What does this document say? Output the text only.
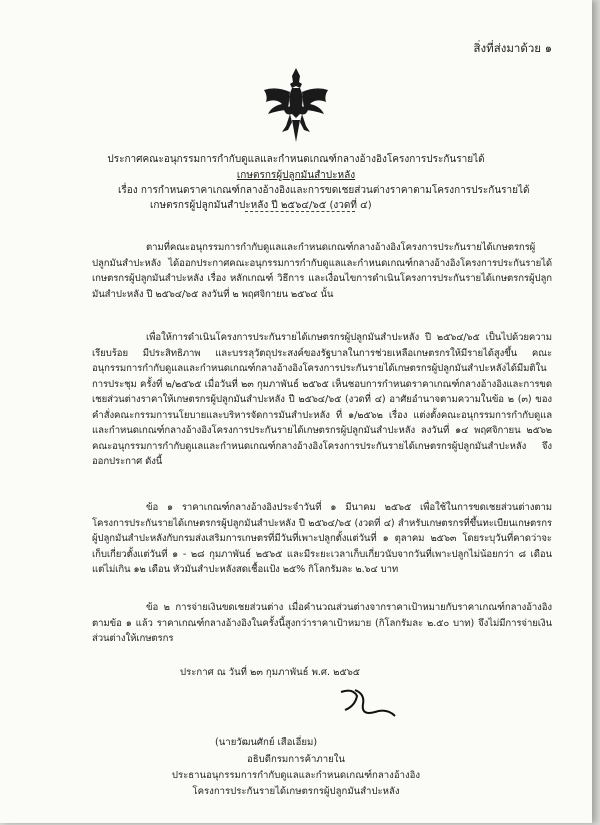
สิ่งที่ส่งมาด้วย ๑
ประกาศคณะอนุกรรมการกำกับดูแลและกำหนดเกณฑ์กลางอ้างอิงโครงการประกันรายได้
เกษตรกรผู้ปลูกมันสำปะหลัง
เรื่อง การกำหนดราคาเกณฑ์กลางอ้างอิงและการขดเชยส่วนต่างราคาตามโครงการประกันรายได้
เกษตรกรผู้ปลูกมันสำปะหลัง ปี ๒๕๖๔/๖๕ (งวดที่ ๔)

ตามที่คณะอนุกรรมการกำกับดูแลและกำหนดเกณฑ์กลางอ้างอิงโครงการประกันรายได้เกษตรกรผู้ปลูกมันสำปะหลัง ได้ออกประกาศคณะอนุกรรมการกำกับดูแลและกำหนดเกณฑ์กลางอ้างอิงโครงการประกันรายได้เกษตรกรผู้ปลูกมันสำปะหลัง เรื่อง หลักเกณฑ์ วิธีการ และเงื่อนไขการดำเนินโครงการประกันรายได้เกษตรกรผู้ปลูกมันสำปะหลัง ปี ๒๕๖๔/๖๕ ลงวันที่ ๒ พฤศจิกายน ๒๕๖๔ นั้น

เพื่อให้การดำเนินโครงการประกันรายได้เกษตรกรผู้ปลูกมันสำปะหลัง ปี ๒๕๖๔/๖๕ เป็นไปด้วยความเรียบร้อย มีประสิทธิภาพ และบรรลุวัตถุประสงค์ของรัฐบาลในการช่วยเหลือเกษตรกรให้มีรายได้สูงขึ้น คณะอนุกรรมการกำกับดูแลและกำหนดเกณฑ์กลางอ้างอิงโครงการประกันรายได้เกษตรกรผู้ปลูกมันสำปะหลังได้มีมติในการประชุม ครั้งที่ ๒/๒๕๖๕ เมื่อวันที่ ๒๓ กุมภาพันธ์ ๒๕๖๕ เห็นชอบการกำหนดราคาเกณฑ์กลางอ้างอิงและการขดเชยส่วนต่างราคาให้เกษตรกรผู้ปลูกมันสำปะหลัง ปี ๒๕๖๔/๖๕ (งวดที่ ๔) อาศัยอำนาจตามความในข้อ ๒ (๓) ของคำสั่งคณะกรรมการนโยบายและบริหารจัดการมันสำปะหลัง ที่ ๑/๒๕๖๒ เรื่อง แต่งตั้งคณะอนุกรรมการกำกับดูแลและกำหนดเกณฑ์กลางอ้างอิงโครงการประกันรายได้เกษตรกรผู้ปลูกมันสำปะหลัง ลงวันที่ ๑๔ พฤศจิกายน ๒๕๖๒ คณะอนุกรรมการกำกับดูแลและกำหนดเกณฑ์กลางอ้างอิงโครงการประกันรายได้เกษตรกรผู้ปลูกมันสำปะหลัง จึงออกประกาศ ดังนี้

ข้อ ๑ ราคาเกณฑ์กลางอ้างอิงประจำวันที่ ๑ มีนาคม ๒๕๖๕ เพื่อใช้ในการขดเชยส่วนต่างตามโครงการประกันรายได้เกษตรกรผู้ปลูกมันสำปะหลัง ปี ๒๕๖๔/๖๕ (งวดที่ ๔) สำหรับเกษตรกรที่ขึ้นทะเบียนเกษตรกรผู้ปลูกมันสำปะหลังกับกรมส่งเสริมการเกษตรที่มีวันที่เพาะปลูกตั้งแต่วันที่ ๑ ตุลาคม ๒๕๖๓ โดยระบุวันที่คาดว่าจะเก็บเกี่ยวตั้งแต่วันที่ ๑ - ๒๘ กุมภาพันธ์ ๒๕๖๕ และมีระยะเวลาเก็บเกี่ยวนับจากวันที่เพาะปลูกไม่น้อยกว่า ๘ เดือน แต่ไม่เกิน ๑๒ เดือน หัวมันสำปะหลังสดเชื้อแป้ง ๒๕% กิโลกรัมละ ๒.๖๔ บาท

ข้อ ๒ การจ่ายเงินขดเชยส่วนต่าง เมื่อคำนวณส่วนต่างจากราคาเป้าหมายกับราคาเกณฑ์กลางอ้างอิงตามข้อ ๑ แล้ว ราคาเกณฑ์กลางอ้างอิงในครั้งนี้สูงกว่าราคาเป้าหมาย (กิโลกรัมละ ๒.๕๐ บาท) จึงไม่มีการจ่ายเงินส่วนต่างให้เกษตรกร

ประกาศ ณ วันที่ ๒๓ กุมภาพันธ์ พ.ศ. ๒๕๖๕
(นายวัฒนศักย์ เสือเอี่ยม)
อธิบดีกรมการค้าภายใน
ประธานอนุกรรมการกำกับดูแลและกำหนดเกณฑ์กลางอ้างอิง
โครงการประกันรายได้เกษตรกรผู้ปลูกมันสำปะหลัง
